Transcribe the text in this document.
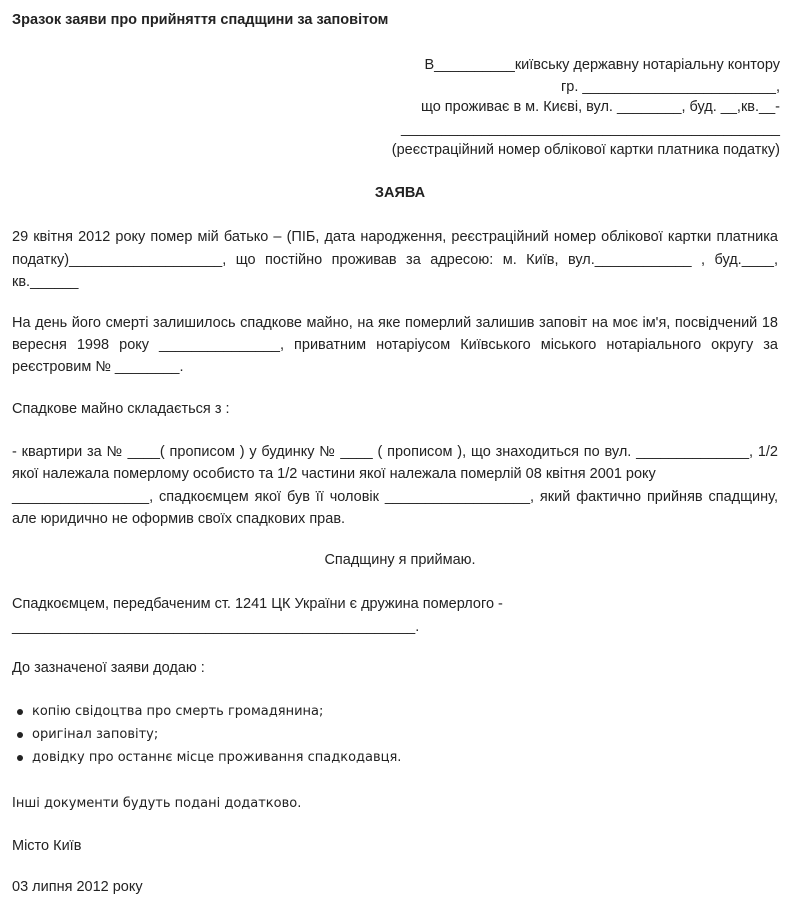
Зразок заяви про прийняття спадщини за заповітом
В__________київську державну нотаріальну контору
гр. ________________________,
що проживає в м. Києві, вул. ________, буд. __,кв.__-
_______________________________________________
(реєстраційний номер облікової картки платника податку)
ЗАЯВА
29 квітня 2012 року помер мій батько – (ПІБ, дата народження, реєстраційний номер облікової картки платника
податку)___________________, що постійно проживав за адресою: м. Київ, вул.____________ , буд.____,
кв.______
На день його смерті залишилось спадкове майно, на яке померлий залишив заповіт на моє ім'я, посвідчений 18
вересня 1998 року _______________, приватним нотаріусом Київського міського нотаріального округу за
реєстровим № ________.
Спадкове майно складається з :
- квартири за № ____( прописом ) у будинку № ____ ( прописом ), що знаходиться по вул. ______________, 1/2
якої належала померлому особисто та 1/2 частини якої належала померлій 08 квітня 2001 року
_________________, спадкоємцем якої був її чоловік __________________, який фактично прийняв спадщину,
але юридично не оформив своїх спадкових прав.
Спадщину я приймаю.
Спадкоємцем, передбаченим ст. 1241 ЦК України є дружина померлого -
__________________________________________________.
До зазначеної заяви додаю :
копію свідоцтва про смерть громадянина;
оригінал заповіту;
довідку про останнє місце проживання спадкодавця.
Інші документи будуть подані додатково.
Місто Київ
03 липня 2012 року
